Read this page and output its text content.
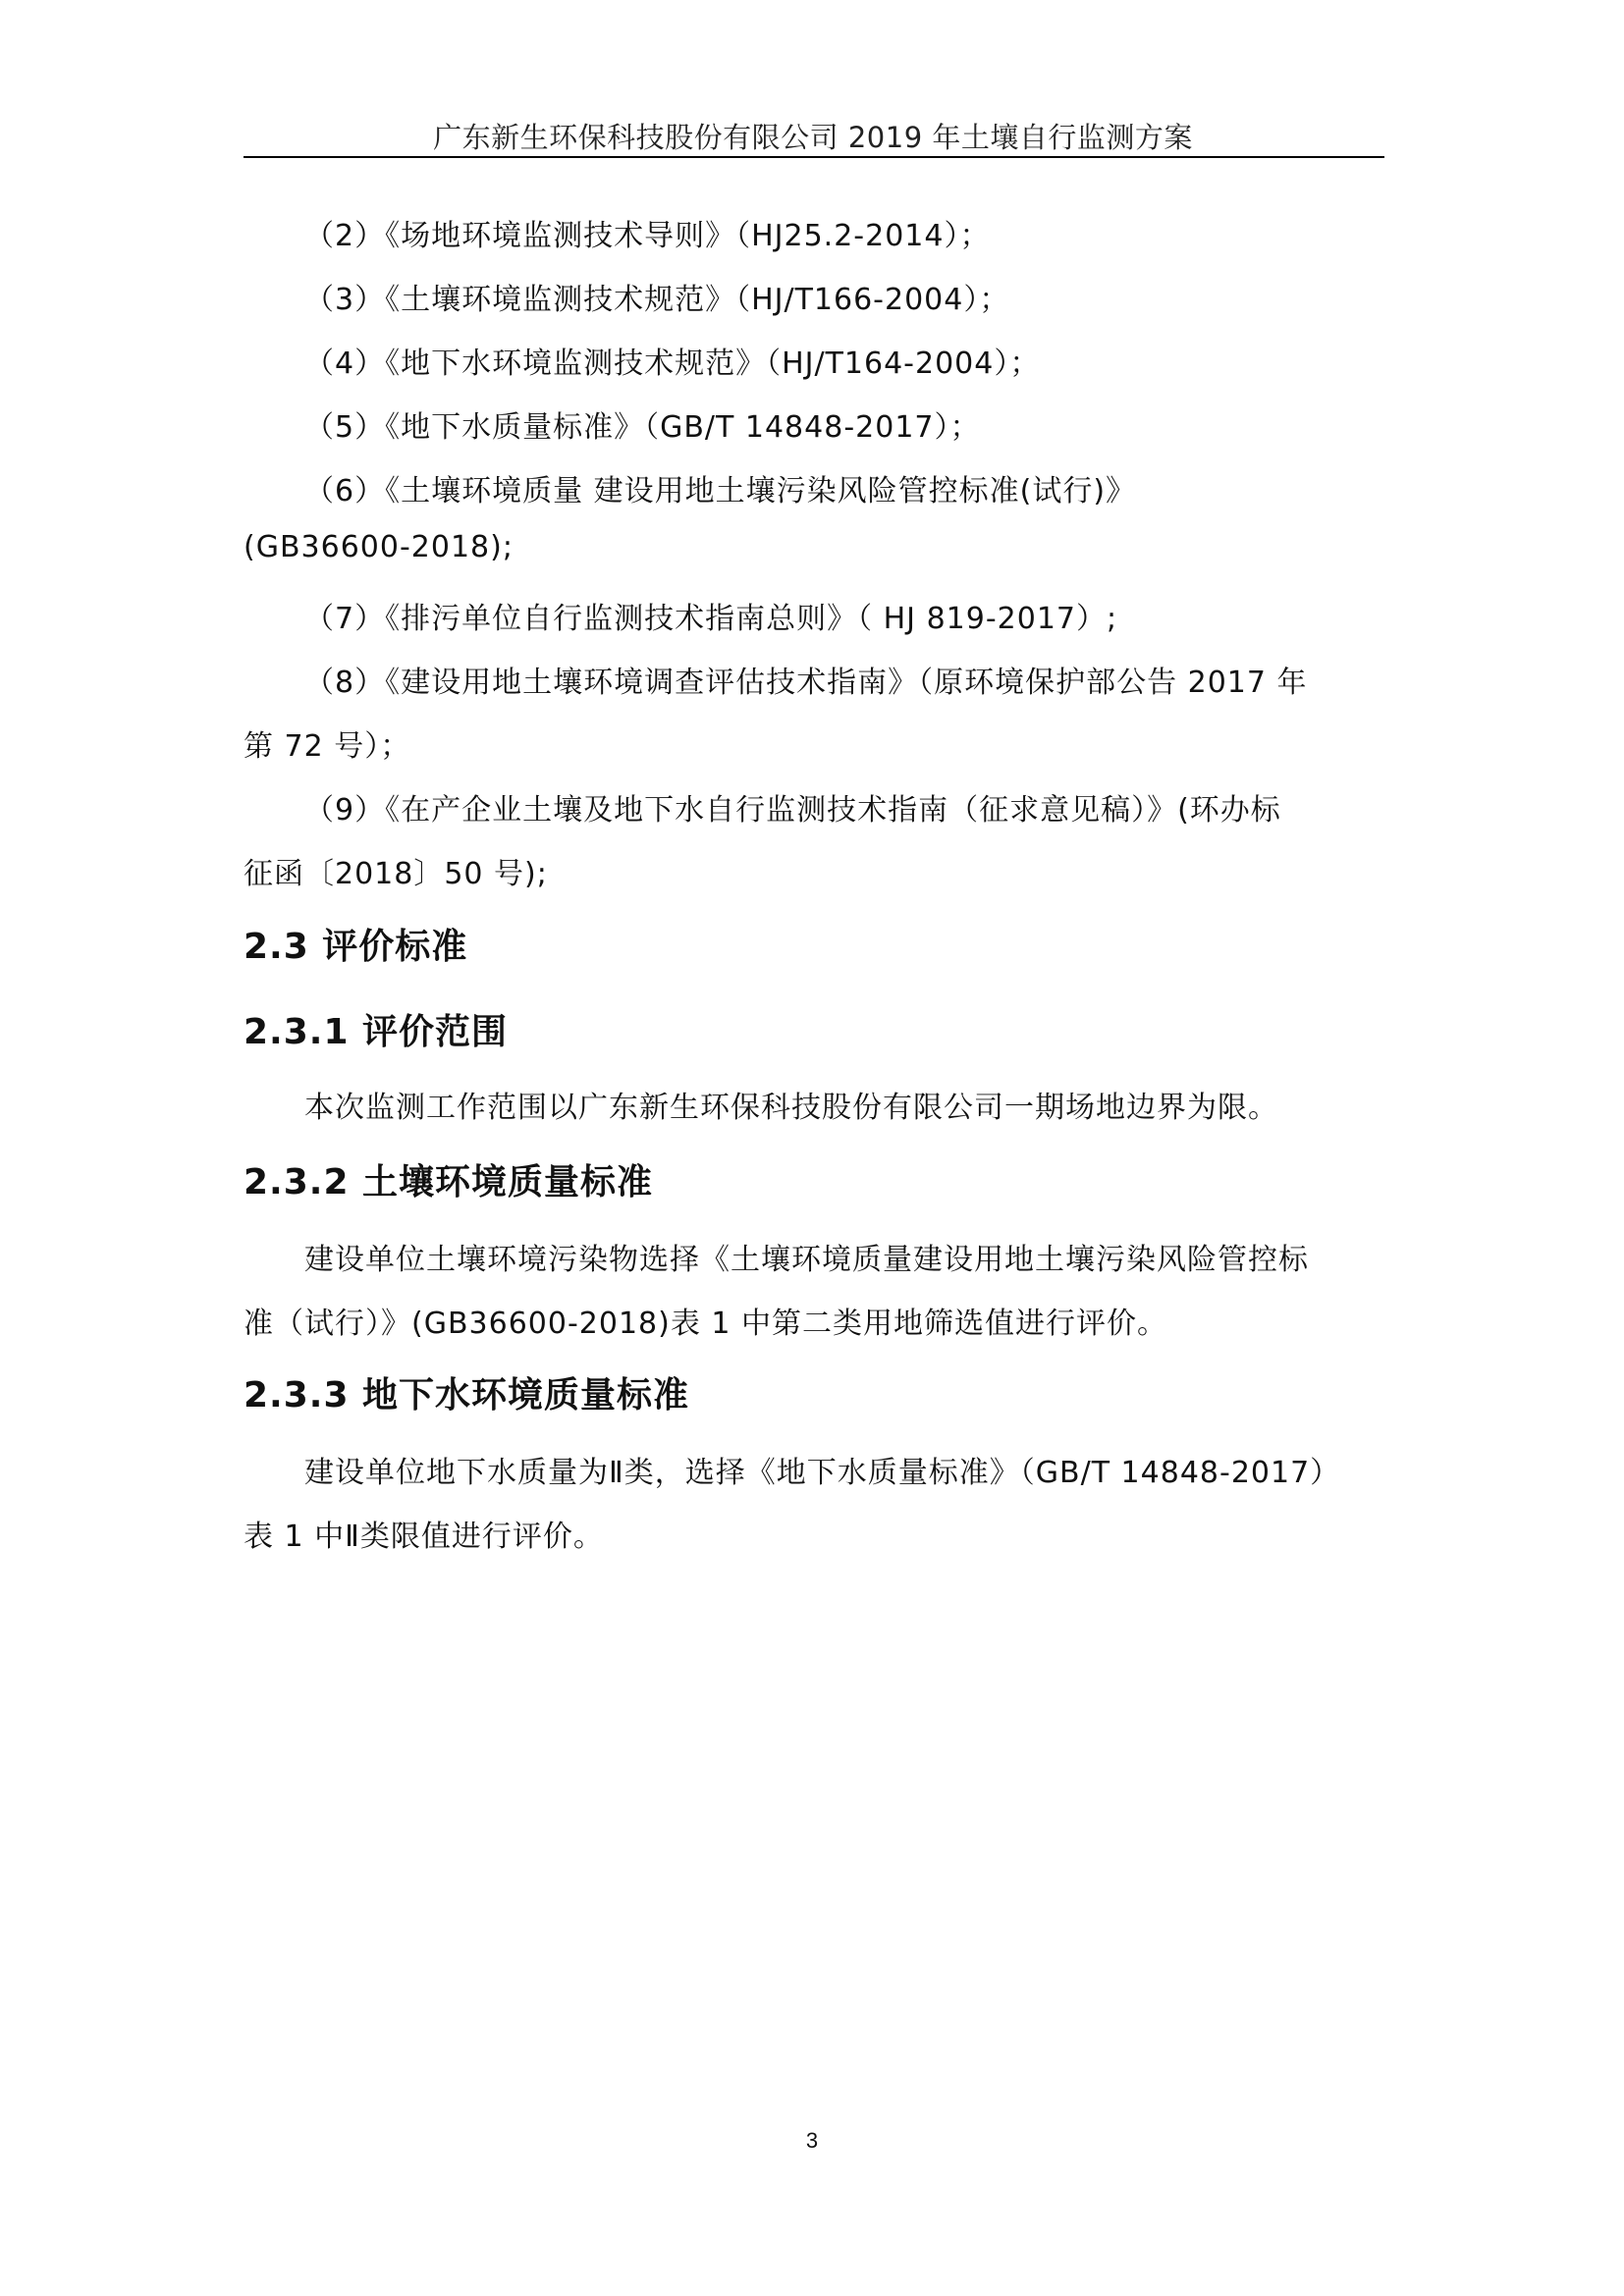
广东新生环保科技股份有限公司 2019 年土壤自行监测方案
（2）《场地环境监测技术导则》（HJ25.2-2014）；
（3）《土壤环境监测技术规范》（HJ/T166-2004）；
（4）《地下水环境监测技术规范》（HJ/T164-2004）；
（5）《地下水质量标准》（GB/T 14848-2017）；
（6）《土壤环境质量 建设用地土壤污染风险管控标准(试行)》
(GB36600-2018);
（7）《排污单位自行监测技术指南总则》（ HJ 819-2017）;
（8）《建设用地土壤环境调查评估技术指南》（原环境保护部公告 2017 年
第 72 号）；
（9）《在产企业土壤及地下水自行监测技术指南（征求意见稿）》(环办标
征函〔2018〕50 号);
2.3 评价标准
2.3.1 评价范围
本次监测工作范围以广东新生环保科技股份有限公司一期场地边界为限。
2.3.2 土壤环境质量标准
建设单位土壤环境污染物选择《土壤环境质量建设用地土壤污染风险管控标
准（试行）》(GB36600-2018)表 1 中第二类用地筛选值进行评价。
2.3.3 地下水环境质量标准
建设单位地下水质量为Ⅱ类，选择《地下水质量标准》（GB/T 14848-2017）
表 1 中Ⅱ类限值进行评价。
3
